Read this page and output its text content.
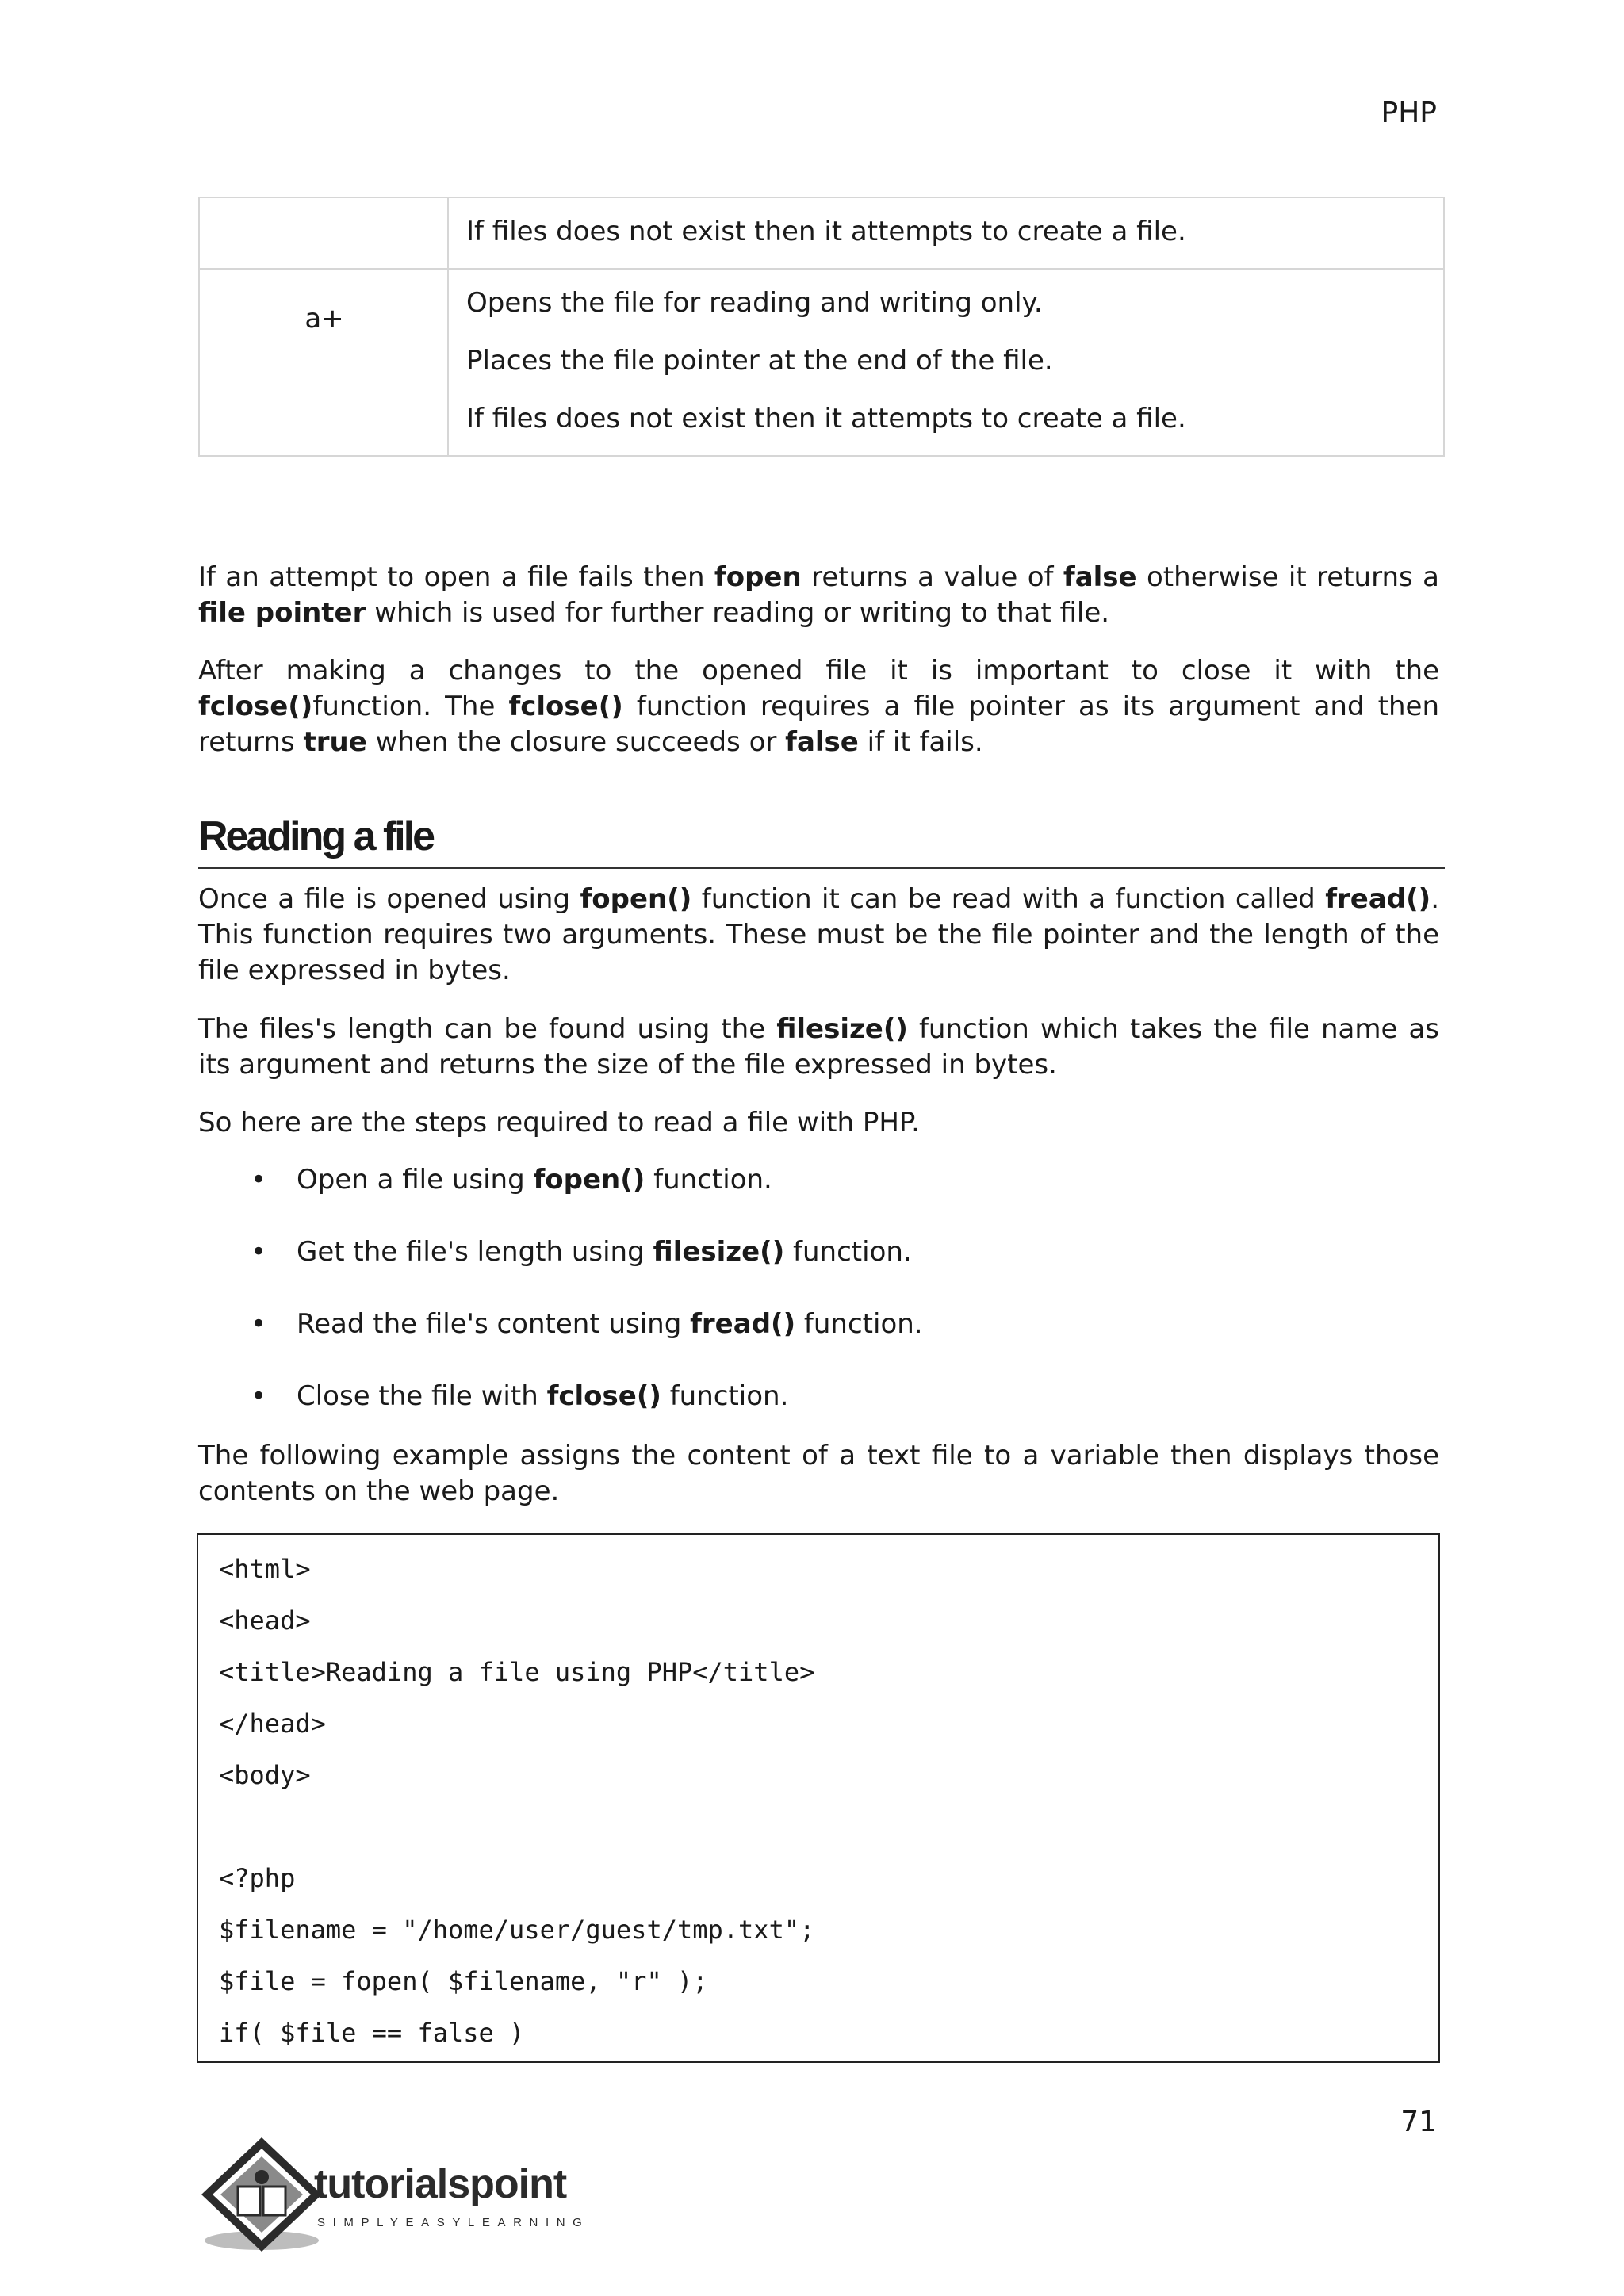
PHP

	If files does not exist then it attempts to create a file.

a+	Opens the file for reading and writing only.
Places the file pointer at the end of the file.
If files does not exist then it attempts to create a file.
If an attempt to open a file fails then fopen returns a value of false otherwise it returns a file pointer which is used for further reading or writing to that file.
After making a changes to the opened file it is important to close it with the fclose()function. The fclose() function requires a file pointer as its argument and then returns true when the closure succeeds or false if it fails.
Reading a file
Once a file is opened using fopen() function it can be read with a function called fread(). This function requires two arguments. These must be the file pointer and the length of the file expressed in bytes.
The files's length can be found using the filesize() function which takes the file name as its argument and returns the size of the file expressed in bytes.
So here are the steps required to read a file with PHP.
• Open a file using fopen() function.
• Get the file's length using filesize() function.
• Read the file's content using fread() function.
• Close the file with fclose() function.
The following example assigns the content of a text file to a variable then displays those contents on the web page.
<html>
<head>
<title>Reading a file using PHP</title>
</head>
<body>
<?php
$filename = "/home/user/guest/tmp.txt";
$file = fopen( $filename, "r" );
if( $file == false )
71
tutorialspoint
SIMPLYEASYLEARNING
